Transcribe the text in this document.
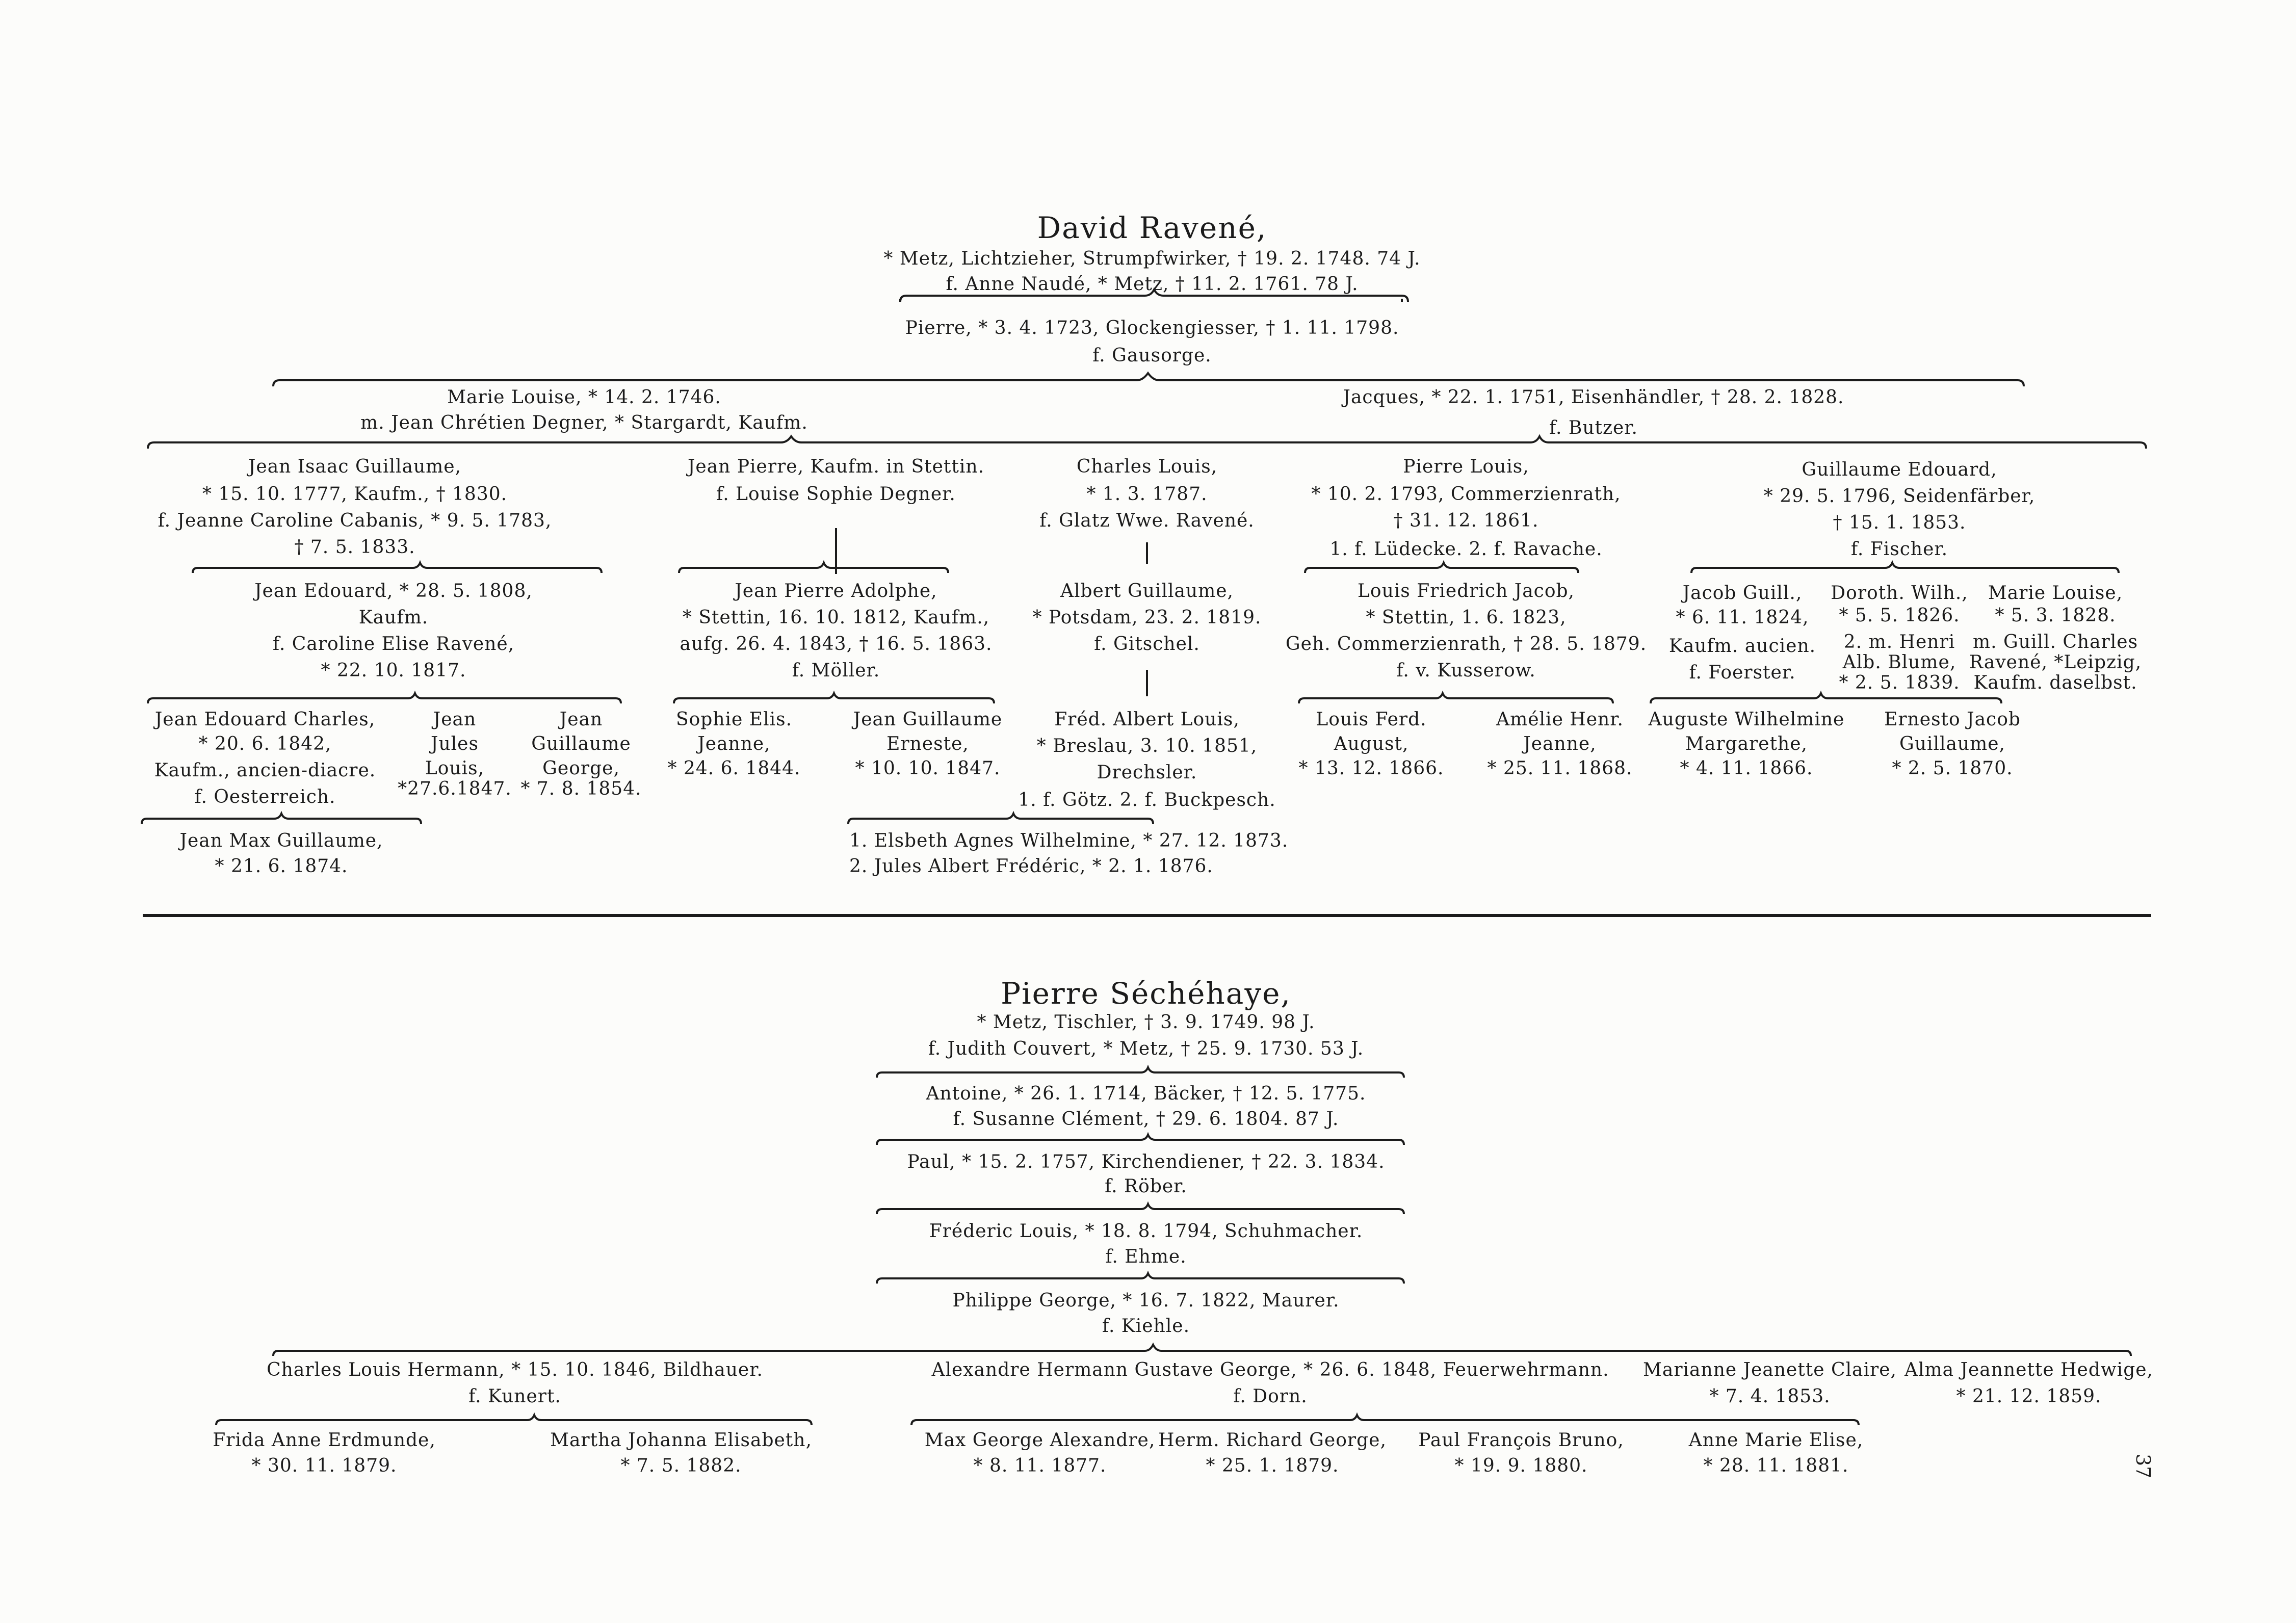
David Ravené,
* Metz, Lichtzieher, Strumpfwirker, † 19. 2. 1748. 74 J.
f. Anne Naudé, * Metz, † 11. 2. 1761. 78 J.
Pierre, * 3. 4. 1723, Glockengiesser, † 1. 11. 1798.
f. Gausorge.
Marie Louise, * 14. 2. 1746.
m. Jean Chrétien Degner, * Stargardt, Kaufm.
Jacques, * 22. 1. 1751, Eisenhändler, † 28. 2. 1828.
f. Butzer.
Jean Isaac Guillaume,
* 15. 10. 1777, Kaufm., † 1830.
f. Jeanne Caroline Cabanis, * 9. 5. 1783,
† 7. 5. 1833.
Jean Pierre, Kaufm. in Stettin.
f. Louise Sophie Degner.
Charles Louis,
* 1. 3. 1787.
f. Glatz Wwe. Ravené.
Pierre Louis,
* 10. 2. 1793, Commerzienrath,
† 31. 12. 1861.
1. f. Lüdecke. 2. f. Ravache.
Guillaume Edouard,
* 29. 5. 1796, Seidenfärber,
† 15. 1. 1853.
f. Fischer.
Jean Edouard, * 28. 5. 1808,
Kaufm.
f. Caroline Elise Ravené,
* 22. 10. 1817.
Jean Pierre Adolphe,
* Stettin, 16. 10. 1812, Kaufm.,
aufg. 26. 4. 1843, † 16. 5. 1863.
f. Möller.
Albert Guillaume,
* Potsdam, 23. 2. 1819.
f. Gitschel.
Louis Friedrich Jacob,
* Stettin, 1. 6. 1823,
Geh. Commerzienrath, † 28. 5. 1879.
f. v. Kusserow.
Jacob Guill.,
* 6. 11. 1824,
Kaufm. aucien.
f. Foerster.
Doroth. Wilh.,
* 5. 5. 1826.
2. m. Henri
Alb. Blume,
* 2. 5. 1839.
Marie Louise,
* 5. 3. 1828.
m. Guill. Charles
Ravené, *Leipzig,
Kaufm. daselbst.
Jean Edouard Charles,
* 20. 6. 1842,
Kaufm., ancien-diacre.
f. Oesterreich.
Jean
Jules
Louis,
*27.6.1847.
Jean
Guillaume
George,
* 7. 8. 1854.
Sophie Elis.
Jeanne,
* 24. 6. 1844.
Jean Guillaume
Erneste,
* 10. 10. 1847.
Fréd. Albert Louis,
* Breslau, 3. 10. 1851,
Drechsler.
1. f. Götz. 2. f. Buckpesch.
Louis Ferd.
August,
* 13. 12. 1866.
Amélie Henr.
Jeanne,
* 25. 11. 1868.
Auguste Wilhelmine
Margarethe,
* 4. 11. 1866.
Ernesto Jacob
Guillaume,
* 2. 5. 1870.
Jean Max Guillaume,
* 21. 6. 1874.
1. Elsbeth Agnes Wilhelmine, * 27. 12. 1873.
2. Jules Albert Frédéric, * 2. 1. 1876.
Pierre Séchéhaye,
* Metz, Tischler, † 3. 9. 1749. 98 J.
f. Judith Couvert, * Metz, † 25. 9. 1730. 53 J.
Antoine, * 26. 1. 1714, Bäcker, † 12. 5. 1775.
f. Susanne Clément, † 29. 6. 1804. 87 J.
Paul, * 15. 2. 1757, Kirchendiener, † 22. 3. 1834.
f. Röber.
Fréderic Louis, * 18. 8. 1794, Schuhmacher.
f. Ehme.
Philippe George, * 16. 7. 1822, Maurer.
f. Kiehle.
Charles Louis Hermann, * 15. 10. 1846, Bildhauer.
f. Kunert.
Alexandre Hermann Gustave George, * 26. 6. 1848, Feuerwehrmann.
f. Dorn.
Marianne Jeanette Claire,
* 7. 4. 1853.
Alma Jeannette Hedwige,
* 21. 12. 1859.
Frida Anne Erdmunde,
* 30. 11. 1879.
Martha Johanna Elisabeth,
* 7. 5. 1882.
Max George Alexandre,
* 8. 11. 1877.
Herm. Richard George,
* 25. 1. 1879.
Paul François Bruno,
* 19. 9. 1880.
Anne Marie Elise,
* 28. 11. 1881.	37
